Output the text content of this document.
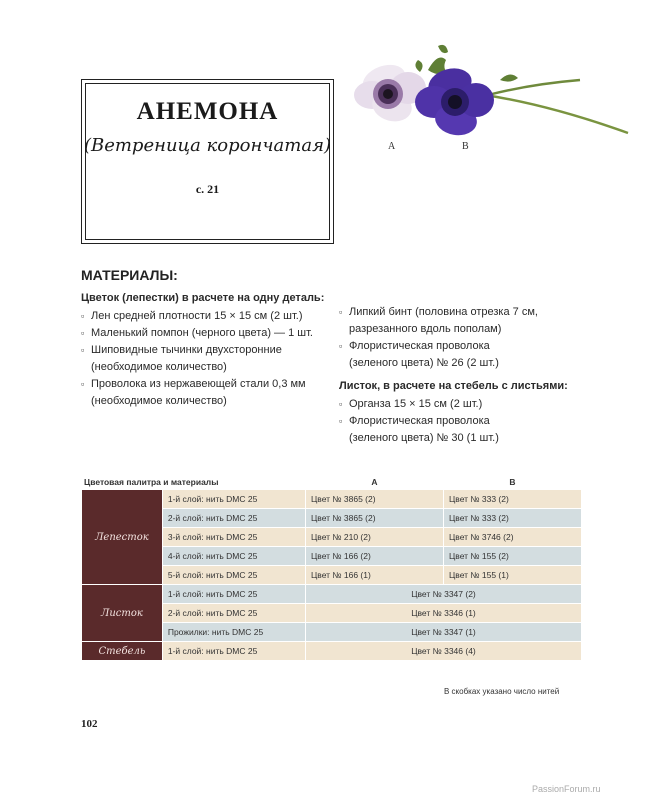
АНЕМОНА
(Ветреница корончатая)
с. 21
A	B
МАТЕРИАЛЫ:
Цветок (лепестки) в расчете на одну деталь:
▫ Лен средней плотности 15 × 15 см (2 шт.)
▫ Маленький помпон (черного цвета) — 1 шт.
▫ Шиповидные тычинки двухсторонние
(необходимое количество)
▫ Проволока из нержавеющей стали 0,3 мм
(необходимое количество)
▫ Липкий бинт (половина отрезка 7 см,
разрезанного вдоль пополам)
▫ Флористическая проволока
(зеленого цвета) № 26 (2 шт.)
Листок, в расчете на стебель с листьями:
▫ Органза 15 × 15 см (2 шт.)
▫ Флористическая проволока
(зеленого цвета) № 30 (1 шт.)
Цветовая палитра и материалы		A	B
Лепесток	1-й слой: нить DMC 25	Цвет № 3865 (2)	Цвет № 333 (2)
	2-й слой: нить DMC 25	Цвет № 3865 (2)	Цвет № 333 (2)
	3-й слой: нить DMC 25	Цвет № 210 (2)	Цвет № 3746 (2)
	4-й слой: нить DMC 25	Цвет № 166 (2)	Цвет № 155 (2)
	5-й слой: нить DMC 25	Цвет № 166 (1)	Цвет № 155 (1)
Листок	1-й слой: нить DMC 25	Цвет № 3347 (2)	
	2-й слой: нить DMC 25	Цвет № 3346 (1)	
	Прожилки: нить DMC 25	Цвет № 3347 (1)	
Стебель	1-й слой: нить DMC 25	Цвет № 3346 (4)	
В скобках указано число нитей
102
PassionForum.ru
